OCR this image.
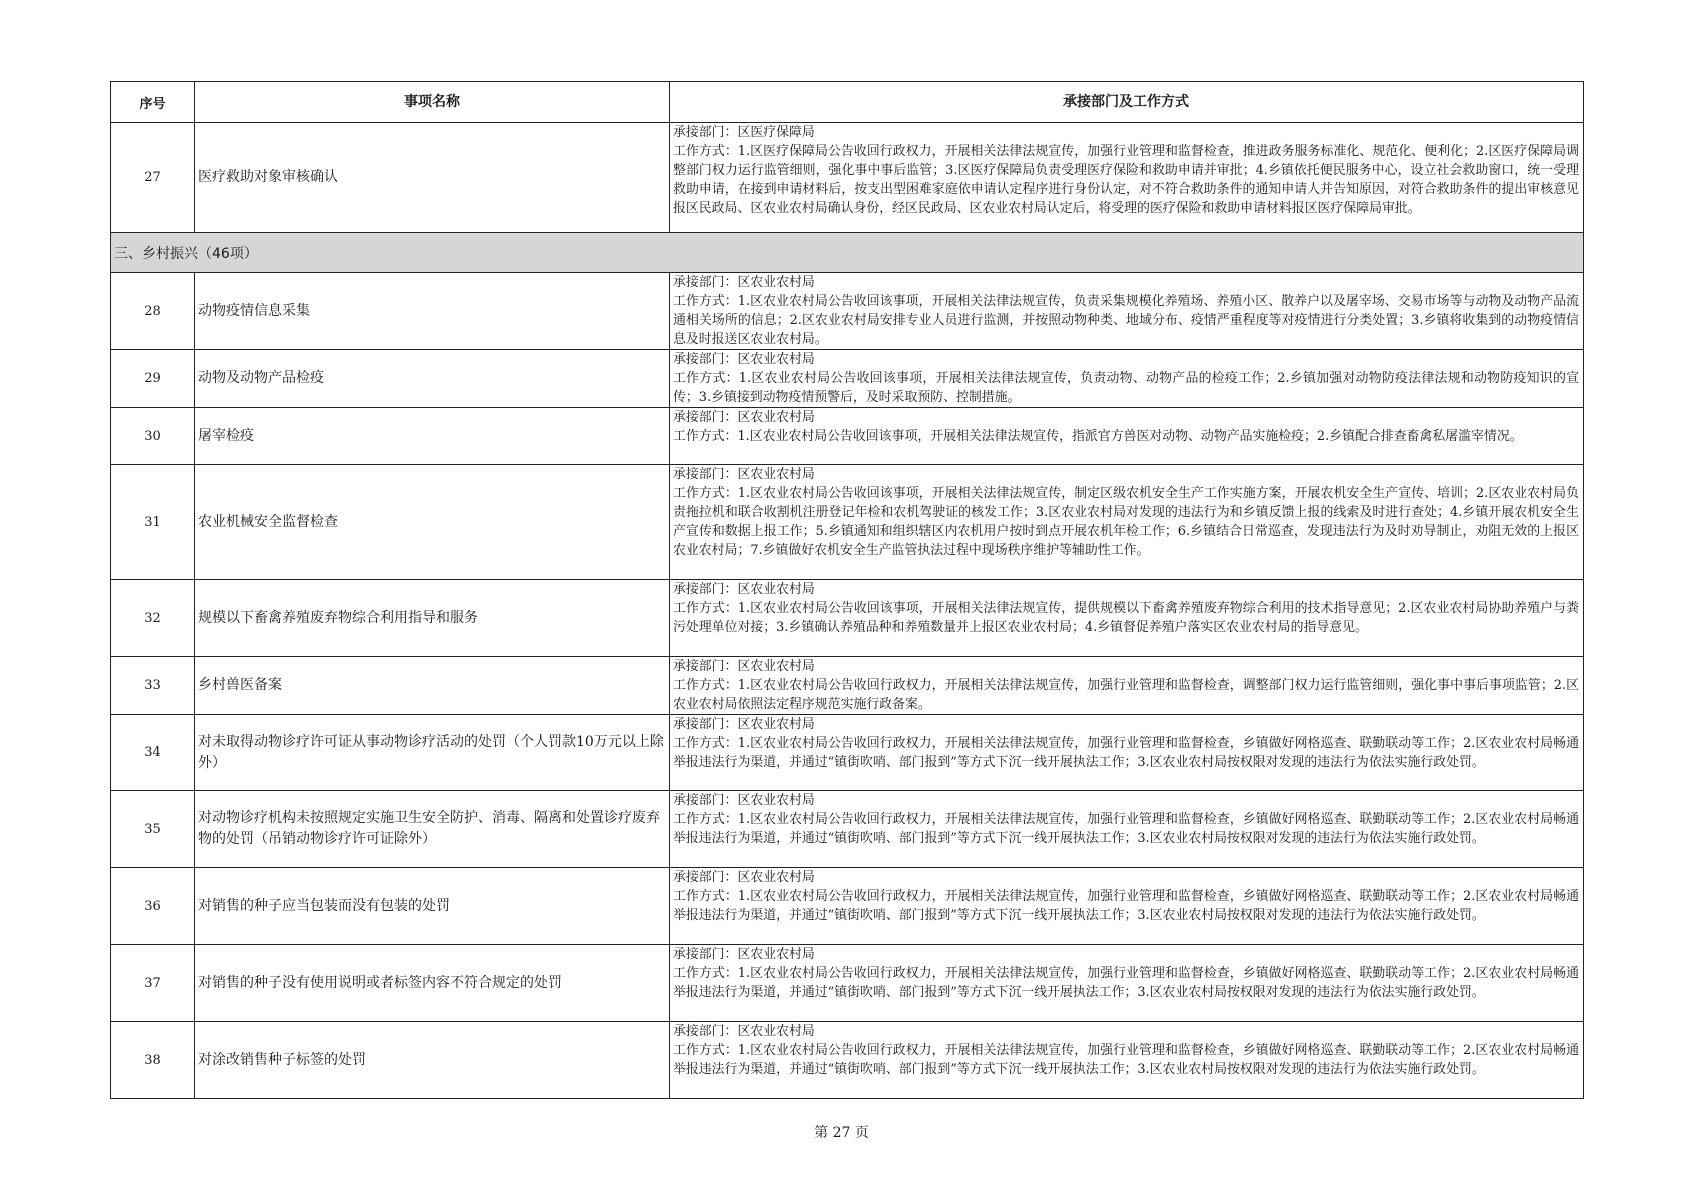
序号	事项名称	承接部门及工作方式
27	医疗救助对象审核确认	承接部门：区医疗保障局
工作方式：1.区医疗保障局公告收回行政权力，开展相关法律法规宣传，加强行业管理和监督检查，推进政务服务标准化、规范化、便利化；2.区医疗保障局调整部门权力运行监管细则，强化事中事后监管；3.区医疗保障局负责受理医疗保险和救助申请并审批；4.乡镇依托便民服务中心，设立社会救助窗口，统一受理救助申请，在接到申请材料后，按支出型困难家庭依申请认定程序进行身份认定，对不符合救助条件的通知申请人并告知原因，对符合救助条件的提出审核意见报区民政局、区农业农村局确认身份，经区民政局、区农业农村局认定后，将受理的医疗保险和救助申请材料报区医疗保障局审批。

三、乡村振兴（46项）		
28	动物疫情信息采集	承接部门：区农业农村局
工作方式：1.区农业农村局公告收回该事项，开展相关法律法规宣传，负责采集规模化养殖场、养殖小区、散养户以及屠宰场、交易市场等与动物及动物产品流通相关场所的信息；2.区农业农村局安排专业人员进行监测，并按照动物种类、地域分布、疫情严重程度等对疫情进行分类处置；3.乡镇将收集到的动物疫情信息及时报送区农业农村局。

29	动物及动物产品检疫	承接部门：区农业农村局
工作方式：1.区农业农村局公告收回该事项，开展相关法律法规宣传，负责动物、动物产品的检疫工作；2.乡镇加强对动物防疫法律法规和动物防疫知识的宣传；3.乡镇接到动物疫情预警后，及时采取预防、控制措施。

30	屠宰检疫	承接部门：区农业农村局
工作方式：1.区农业农村局公告收回该事项，开展相关法律法规宣传，指派官方兽医对动物、动物产品实施检疫；2.乡镇配合排查畜禽私屠滥宰情况。

31	农业机械安全监督检查	承接部门：区农业农村局
工作方式：1.区农业农村局公告收回该事项，开展相关法律法规宣传，制定区级农机安全生产工作实施方案，开展农机安全生产宣传、培训；2.区农业农村局负责拖拉机和联合收割机注册登记年检和农机驾驶证的核发工作；3.区农业农村局对发现的违法行为和乡镇反馈上报的线索及时进行查处；4.乡镇开展农机安全生产宣传和数据上报工作；5.乡镇通知和组织辖区内农机用户按时到点开展农机年检工作；6.乡镇结合日常巡查，发现违法行为及时劝导制止，劝阻无效的上报区农业农村局；7.乡镇做好农机安全生产监管执法过程中现场秩序维护等辅助性工作。

32	规模以下畜禽养殖废弃物综合利用指导和服务	承接部门：区农业农村局
工作方式：1.区农业农村局公告收回该事项，开展相关法律法规宣传，提供规模以下畜禽养殖废弃物综合利用的技术指导意见；2.区农业农村局协助养殖户与粪污处理单位对接；3.乡镇确认养殖品种和养殖数量并上报区农业农村局；4.乡镇督促养殖户落实区农业农村局的指导意见。

33	乡村兽医备案	承接部门：区农业农村局
工作方式：1.区农业农村局公告收回行政权力，开展相关法律法规宣传，加强行业管理和监督检查，调整部门权力运行监管细则，强化事中事后事项监管；2.区农业农村局依照法定程序规范实施行政备案。

34	对未取得动物诊疗许可证从事动物诊疗活动的处罚（个人罚款10万元以上除外）	承接部门：区农业农村局
工作方式：1.区农业农村局公告收回行政权力，开展相关法律法规宣传，加强行业管理和监督检查，乡镇做好网格巡查、联勤联动等工作；2.区农业农村局畅通举报违法行为渠道，并通过“镇街吹哨、部门报到”等方式下沉一线开展执法工作；3.区农业农村局按权限对发现的违法行为依法实施行政处罚。

35	对动物诊疗机构未按照规定实施卫生安全防护、消毒、隔离和处置诊疗废弃物的处罚（吊销动物诊疗许可证除外）	承接部门：区农业农村局
工作方式：1.区农业农村局公告收回行政权力，开展相关法律法规宣传，加强行业管理和监督检查，乡镇做好网格巡查、联勤联动等工作；2.区农业农村局畅通举报违法行为渠道，并通过“镇街吹哨、部门报到”等方式下沉一线开展执法工作；3.区农业农村局按权限对发现的违法行为依法实施行政处罚。

36	对销售的种子应当包装而没有包装的处罚	承接部门：区农业农村局
工作方式：1.区农业农村局公告收回行政权力，开展相关法律法规宣传，加强行业管理和监督检查，乡镇做好网格巡查、联勤联动等工作；2.区农业农村局畅通举报违法行为渠道，并通过“镇街吹哨、部门报到”等方式下沉一线开展执法工作；3.区农业农村局按权限对发现的违法行为依法实施行政处罚。

37	对销售的种子没有使用说明或者标签内容不符合规定的处罚	承接部门：区农业农村局
工作方式：1.区农业农村局公告收回行政权力，开展相关法律法规宣传，加强行业管理和监督检查，乡镇做好网格巡查、联勤联动等工作；2.区农业农村局畅通举报违法行为渠道，并通过“镇街吹哨、部门报到”等方式下沉一线开展执法工作；3.区农业农村局按权限对发现的违法行为依法实施行政处罚。

38	对涂改销售种子标签的处罚	承接部门：区农业农村局
工作方式：1.区农业农村局公告收回行政权力，开展相关法律法规宣传，加强行业管理和监督检查，乡镇做好网格巡查、联勤联动等工作；2.区农业农村局畅通举报违法行为渠道，并通过“镇街吹哨、部门报到”等方式下沉一线开展执法工作；3.区农业农村局按权限对发现的违法行为依法实施行政处罚。
第 27 页
